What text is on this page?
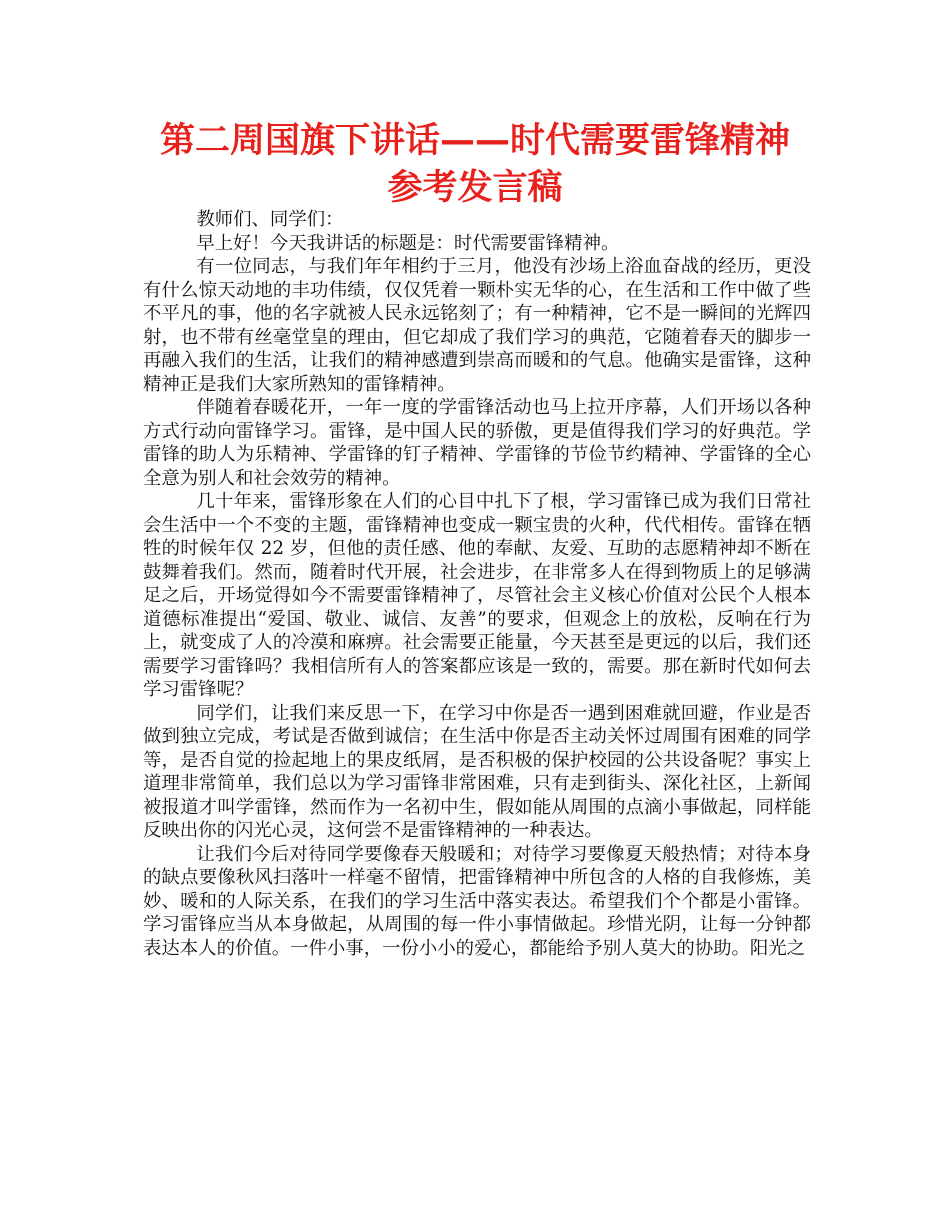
第二周国旗下讲话——时代需要雷锋精神
参考发言稿

教师们、同学们：

早上好！今天我讲话的标题是：时代需要雷锋精神。

有一位同志，与我们年年相约于三月，他没有沙场上浴血奋战的经历，更没有什么惊天动地的丰功伟绩，仅仅凭着一颗朴实无华的心，在生活和工作中做了些不平凡的事，他的名字就被人民永远铭刻了；有一种精神，它不是一瞬间的光辉四射，也不带有丝毫堂皇的理由，但它却成了我们学习的典范，它随着春天的脚步一再融入我们的生活，让我们的精神感遭到崇高而暖和的气息。他确实是雷锋，这种精神正是我们大家所熟知的雷锋精神。

伴随着春暖花开，一年一度的学雷锋活动也马上拉开序幕，人们开场以各种方式行动向雷锋学习。雷锋，是中国人民的骄傲，更是值得我们学习的好典范。学雷锋的助人为乐精神、学雷锋的钉子精神、学雷锋的节俭节约精神、学雷锋的全心全意为别人和社会效劳的精神。

几十年来，雷锋形象在人们的心目中扎下了根，学习雷锋已成为我们日常社会生活中一个不变的主题，雷锋精神也变成一颗宝贵的火种，代代相传。雷锋在牺牲的时候年仅 22 岁，但他的责任感、他的奉献、友爱、互助的志愿精神却不断在鼓舞着我们。然而，随着时代开展，社会进步，在非常多人在得到物质上的足够满足之后，开场觉得如今不需要雷锋精神了，尽管社会主义核心价值对公民个人根本道德标准提出“爱国、敬业、诚信、友善”的要求，但观念上的放松，反响在行为上，就变成了人的冷漠和麻痹。社会需要正能量，今天甚至是更远的以后，我们还需要学习雷锋吗？我相信所有人的答案都应该是一致的，需要。那在新时代如何去学习雷锋呢？

同学们，让我们来反思一下，在学习中你是否一遇到困难就回避，作业是否做到独立完成，考试是否做到诚信；在生活中你是否主动关怀过周围有困难的同学等，是否自觉的捡起地上的果皮纸屑，是否积极的保护校园的公共设备呢？事实上道理非常简单，我们总以为学习雷锋非常困难，只有走到街头、深化社区，上新闻被报道才叫学雷锋，然而作为一名初中生，假如能从周围的点滴小事做起，同样能反映出你的闪光心灵，这何尝不是雷锋精神的一种表达。

让我们今后对待同学要像春天般暖和；对待学习要像夏天般热情；对待本身的缺点要像秋风扫落叶一样毫不留情，把雷锋精神中所包含的人格的自我修炼，美妙、暖和的人际关系，在我们的学习生活中落实表达。希望我们个个都是小雷锋。学习雷锋应当从本身做起，从周围的每一件小事情做起。珍惜光阴，让每一分钟都表达本人的价值。一件小事，一份小小的爱心，都能给予别人莫大的协助。阳光之
